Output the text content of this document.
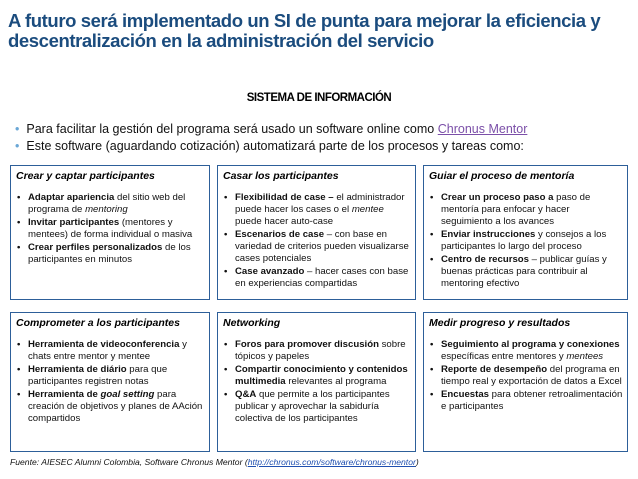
A futuro será implementado un SI de punta para mejorar la eficiencia y descentralización en la administración del servicio
SISTEMA DE INFORMACIÓN
• Para facilitar la gestión del programa será usado un software online como Chronus Mentor
• Este software (aguardando cotización) automatizará parte de los procesos y tareas como:
Crear y captar participantes
• Adaptar apariencia del sitio web del programa de mentoring
• Invitar participantes (mentores y mentees) de forma individual o masiva
• Crear perfiles personalizados de los participantes en minutos
Casar los participantes
• Flexibilidad de case – el administrador puede hacer los cases o el mentee puede hacer auto-case
• Escenarios de case – con base en variedad de criterios pueden visualizarse cases potenciales
• Case avanzado – hacer cases con base en experiencias compartidas
Guiar el proceso de mentoría
• Crear un proceso paso a paso de mentoría para enfocar y hacer seguimiento a los avances
• Enviar instrucciones y consejos a los participantes lo largo del proceso
• Centro de recursos – publicar guías y buenas prácticas para contribuir al mentoring efectivo
Comprometer a los participantes
• Herramienta de videoconferencia y chats entre mentor y mentee
• Herramienta de diário para que participantes registren notas
• Herramienta de goal setting para creación de objetivos y planes de AAción compartidos
Networking
• Foros para promover discusión sobre tópicos y papeles
• Compartir conocimiento y contenidos multimedia relevantes al programa
• Q&A que permite a los participantes publicar y aprovechar la sabiduría colectiva de los participantes
Medir progreso y resultados
• Seguimiento al programa y conexiones específicas entre mentores y mentees
• Reporte de desempeño del programa en tiempo real y exportación de datos a Excel
• Encuestas para obtener retroalimentación e participantes
Fuente: AIESEC Alumni Colombia, Software Chronus Mentor (http://chronus.com/software/chronus-mentor)
